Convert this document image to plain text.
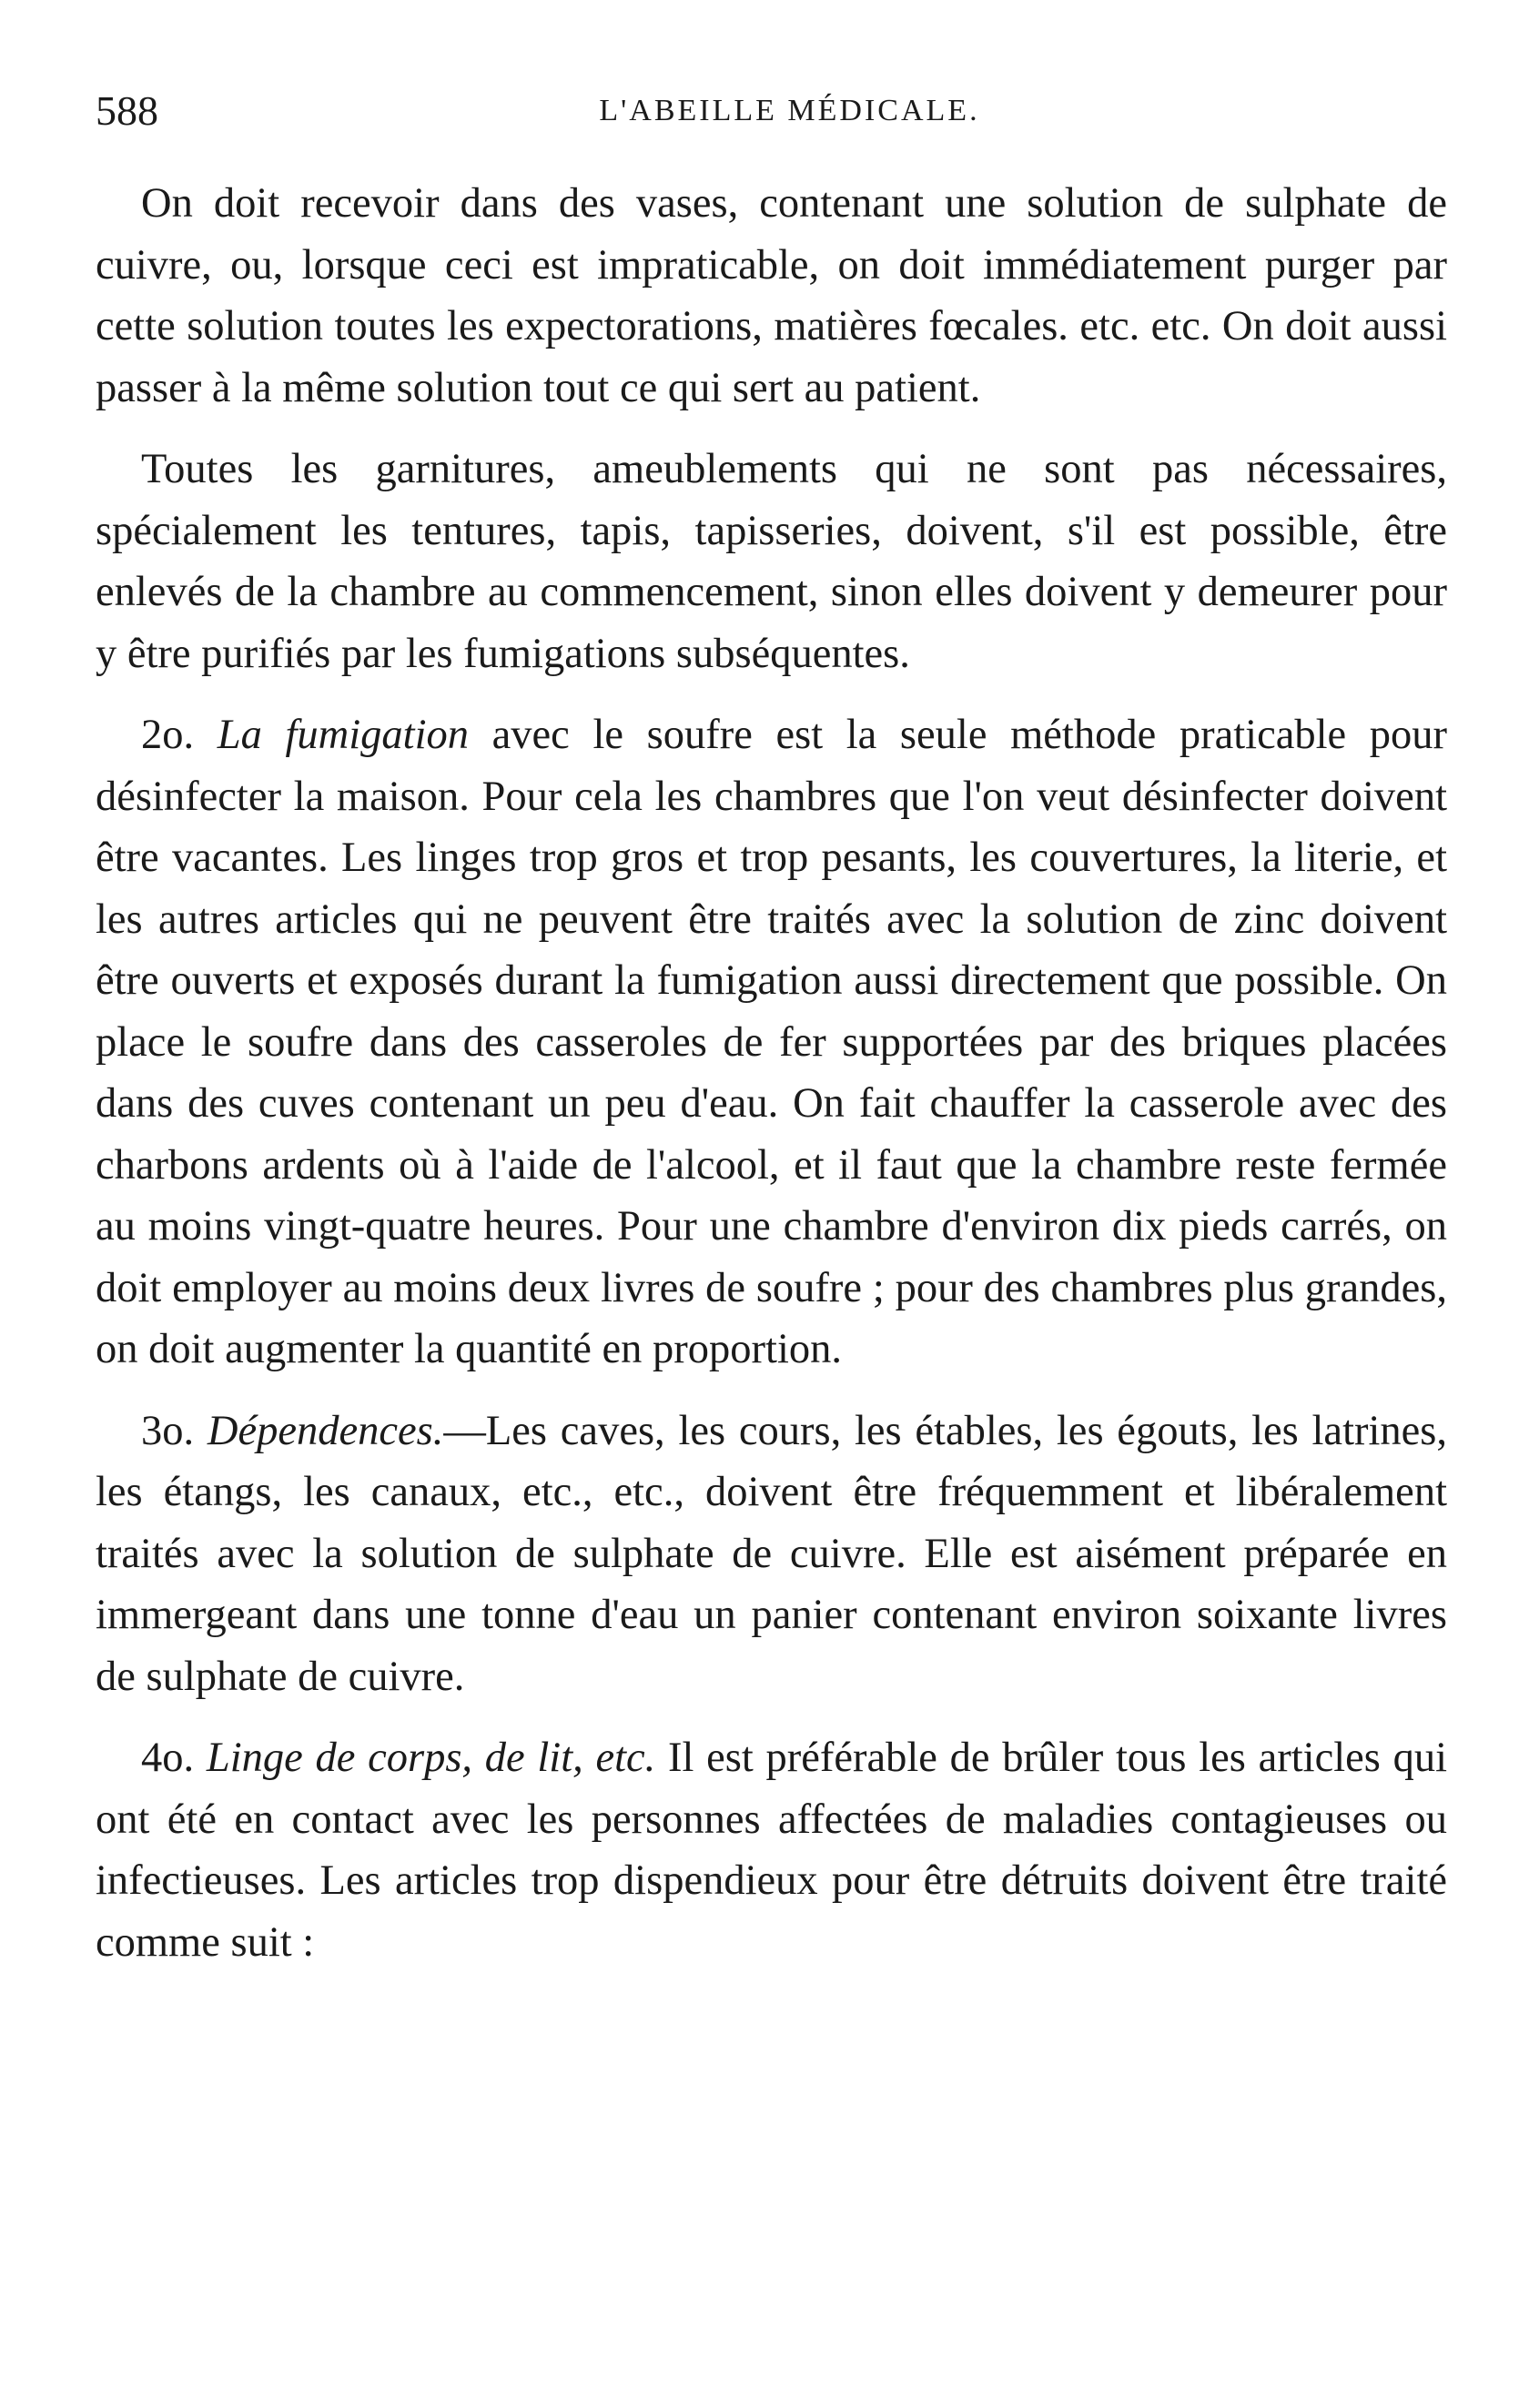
588	L'ABEILLE MÉDICALE.

On doit recevoir dans des vases, contenant une solution de sulphate de cuivre, ou, lorsque ceci est impraticable, on doit immédiatement purger par cette solution toutes les expectorations, matières fœcales. etc. etc. On doit aussi passer à la même solution tout ce qui sert au patient.

Toutes les garnitures, ameublements qui ne sont pas nécessaires, spécialement les tentures, tapis, tapisseries, doivent, s'il est possible, être enlevés de la chambre au commencement, sinon elles doivent y demeurer pour y être purifiés par les fumigations subséquentes.

2o. La fumigation avec le soufre est la seule méthode praticable pour désinfecter la maison. Pour cela les chambres que l'on veut désinfecter doivent être vacantes. Les linges trop gros et trop pesants, les couvertures, la literie, et les autres articles qui ne peuvent être traités avec la solution de zinc doivent être ouverts et exposés durant la fumigation aussi directement que possible. On place le soufre dans des casseroles de fer supportées par des briques placées dans des cuves contenant un peu d'eau. On fait chauffer la casserole avec des charbons ardents où à l'aide de l'alcool, et il faut que la chambre reste fermée au moins vingt-quatre heures. Pour une chambre d'environ dix pieds carrés, on doit employer au moins deux livres de soufre ; pour des chambres plus grandes, on doit augmenter la quantité en proportion.

3o. Dépendences.—Les caves, les cours, les étables, les égouts, les latrines, les étangs, les canaux, etc., etc., doivent être fréquemment et libéralement traités avec la solution de sulphate de cuivre. Elle est aisément préparée en immergeant dans une tonne d'eau un panier contenant environ soixante livres de sulphate de cuivre.

4o. Linge de corps, de lit, etc. Il est préférable de brûler tous les articles qui ont été en contact avec les personnes affectées de maladies contagieuses ou infectieuses. Les articles trop dispendieux pour être détruits doivent être traité comme suit :
